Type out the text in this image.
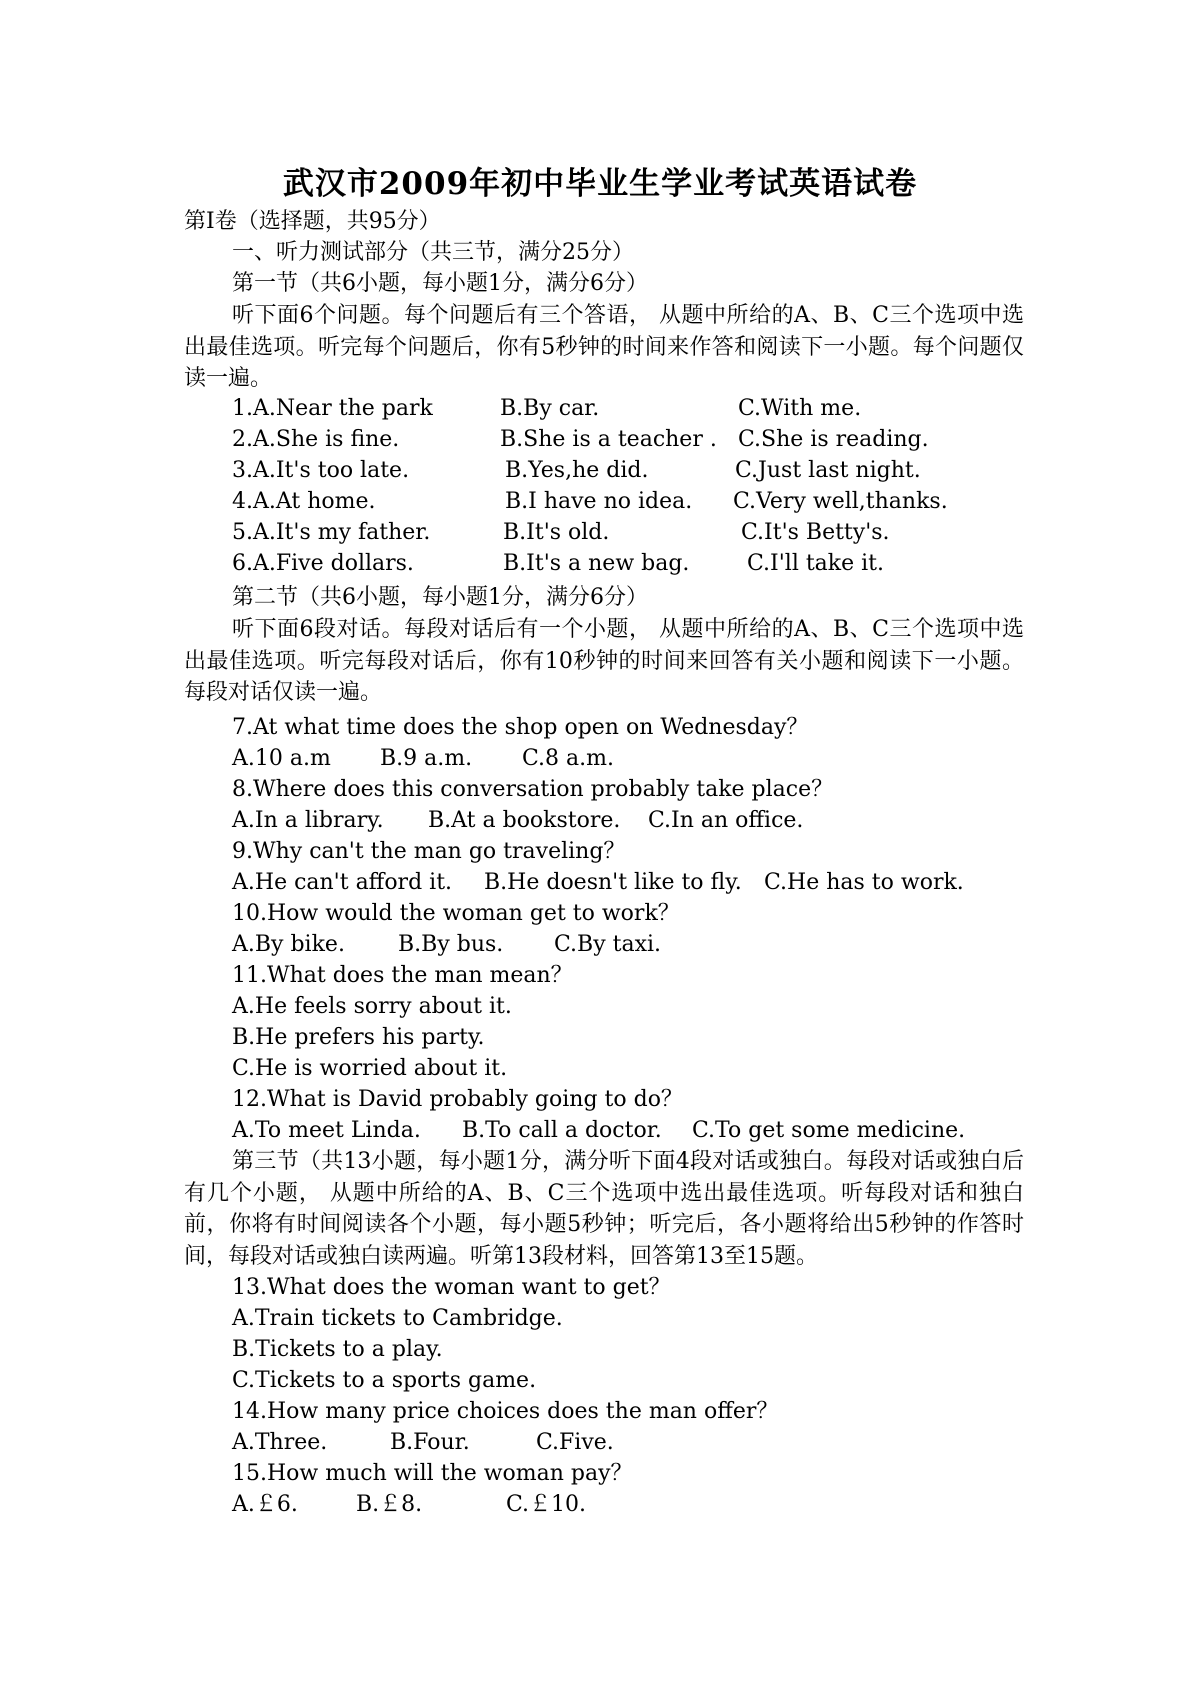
武汉市2009年初中毕业生学业考试英语试卷
第Ⅰ卷（选择题，共95分）
一、听力测试部分（共三节，满分25分）
第一节（共6小题，每小题1分，满分6分）
听下面6个问题。每个问题后有三个答语， 从题中所给的A、B、C三个选项中选出最佳选项。听完每个问题后，你有5秒钟的时间来作答和阅读下一小题。每个问题仅读一遍。
1.A.Near the park	B.By car.	C.With me.
2.A.She is fine.	B.She is a teacher . C.She is reading.
3.A.It's too late.	B.Yes,he did.	C.Just last night.
4.A.At home.	B.I have no idea. C.Very well,thanks.
5.A.It's my father.	B.It's old.	C.It's Betty's.
6.A.Five dollars.	B.It's a new bag.	C.I'll take it.
第二节（共6小题，每小题1分，满分6分）
听下面6段对话。每段对话后有一个小题， 从题中所给的A、B、C三个选项中选出最佳选项。听完每段对话后，你有10秒钟的时间来回答有关小题和阅读下一小题。每段对话仅读一遍。
7.At what time does the shop open on Wednesday？
A.10 a.m B.9 a.m. C.8 a.m.
8.Where does this conversation probably take place？
A.In a library. B.At a bookstore. C.In an office.
9.Why can't the man go traveling？
A.He can't afford it. B.He doesn't like to fly. C.He has to work.
10.How would the woman get to work？
A.By bike. B.By bus. C.By taxi.
11.What does the man mean？
A.He feels sorry about it.
B.He prefers his party.
C.He is worried about it.
12.What is David probably going to do？
A.To meet Linda. B.To call a doctor. C.To get some medicine.
第三节（共13小题，每小题1分，满分听下面4段对话或独白。每段对话或独白后有几个小题， 从题中所给的A、B、C三个选项中选出最佳选项。听每段对话和独白前，你将有时间阅读各个小题，每小题5秒钟；听完后，各小题将给出5秒钟的作答时间，每段对话或独白读两遍。听第13段材料，回答第13至15题。
13.What does the woman want to get？
A.Train tickets to Cambridge.
B.Tickets to a play.
C.Tickets to a sports game.
14.How many price choices does the man offer？
A.Three.	B.Four.	C.Five.
15.How much will the woman pay？
A.￡6.	B.￡8.	C.￡10.
